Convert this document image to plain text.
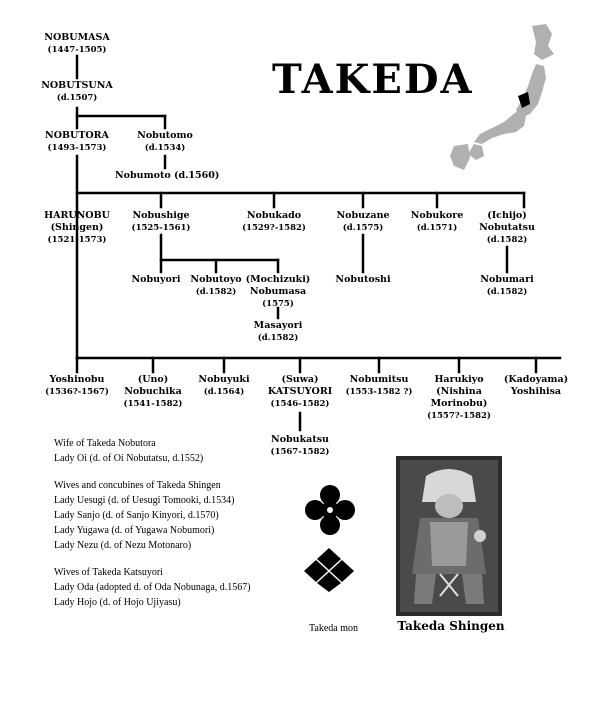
TAKEDA
NOBUMASA
(1447-1505)
NOBUTSUNA
(d.1507)
NOBUTORA
(1493-1573)
Nobutomo
(d.1534)
Nobumoto (d.1560)
HARUNOBU
(Shingen)
(1521-1573)
Nobushige
(1525-1561)
Nobukado
(1529?-1582)
Nobuzane
(d.1575)
Nobukore
(d.1571)
(Ichijo)
Nobutatsu
(d.1582)
Nobuyori	Nobutoyo
(d.1582)
(Mochizuki)
Nobumasa
(1575)
Nobutoshi	Nobumari
(d.1582)
Masayori
(d.1582)
Yoshinobu
(1536?-1567)
(Uno)
Nobuchika
(1541-1582)
Nobuyuki
(d.1564)
(Suwa)
KATSUYORI
(1546-1582)
Nobumitsu
(1553-1582 ?)
Harukiyo
(Nishina
Morinobu)
(1557?-1582)
(Kadoyama)
Yoshihisa
Nobukatsu
(1567-1582)
Wife of Takeda Nobutora
Lady Oi (d. of Oi Nobutatsu, d.1552)
Wives and concubines of Takeda Shingen
Lady Uesugi (d. of Uesugi Tomooki, d.1534)
Lady Sanjo (d. of Sanjo Kinyori, d.1570)
Lady Yugawa (d. of Yugawa Nobumori)
Lady Nezu (d. of Nezu Motonaro)
Wives of Takeda Katsuyori
Lady Oda (adopted d. of Oda Nobunaga, d.1567)
Lady Hojo (d. of Hojo Ujiyasu)
Takeda mon	Takeda Shingen
